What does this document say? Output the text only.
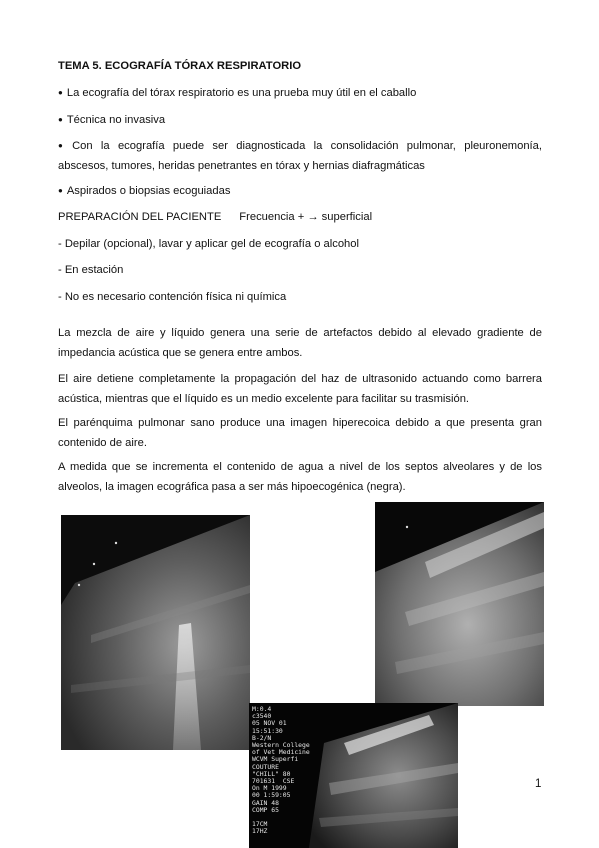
TEMA 5. ECOGRAFÍA TÓRAX RESPIRATORIO
● La ecografía del tórax respiratorio es una prueba muy útil en el caballo
● Técnica no invasiva
● Con la ecografía puede ser diagnosticada la consolidación pulmonar, pleuronemonía, abscesos, tumores, heridas penetrantes en tórax y hernias diafragmáticas
● Aspirados o biopsias ecoguiadas
PREPARACIÓN DEL PACIENTE Frecuencia + → superficial
- Depilar (opcional), lavar y aplicar gel de ecografía o alcohol
- En estación
- No es necesario contención física ni química
La mezcla de aire y líquido genera una serie de artefactos debido al elevado gradiente de impedancia acústica que se genera entre ambos.
El aire detiene completamente la propagación del haz de ultrasonido actuando como barrera acústica, mientras que el líquido es un medio excelente para facilitar su trasmisión.
El parénquima pulmonar sano produce una imagen hiperecoica debido a que presenta gran contenido de aire.
A medida que se incrementa el contenido de agua a nivel de los septos alveolares y de los alveolos, la imagen ecográfica pasa a ser más hipoecogénica (negra).
M:0.4
c3540
05 NOV 01
15:51:30
B-2/N
Western College
of Vet Medicine
WCVM Superfi
COUTURE
"CHILL" 80
701631  CSE
On M 1999
00 1:59:05
GAIN 48
COMP 65

17CM
17HZ
1
